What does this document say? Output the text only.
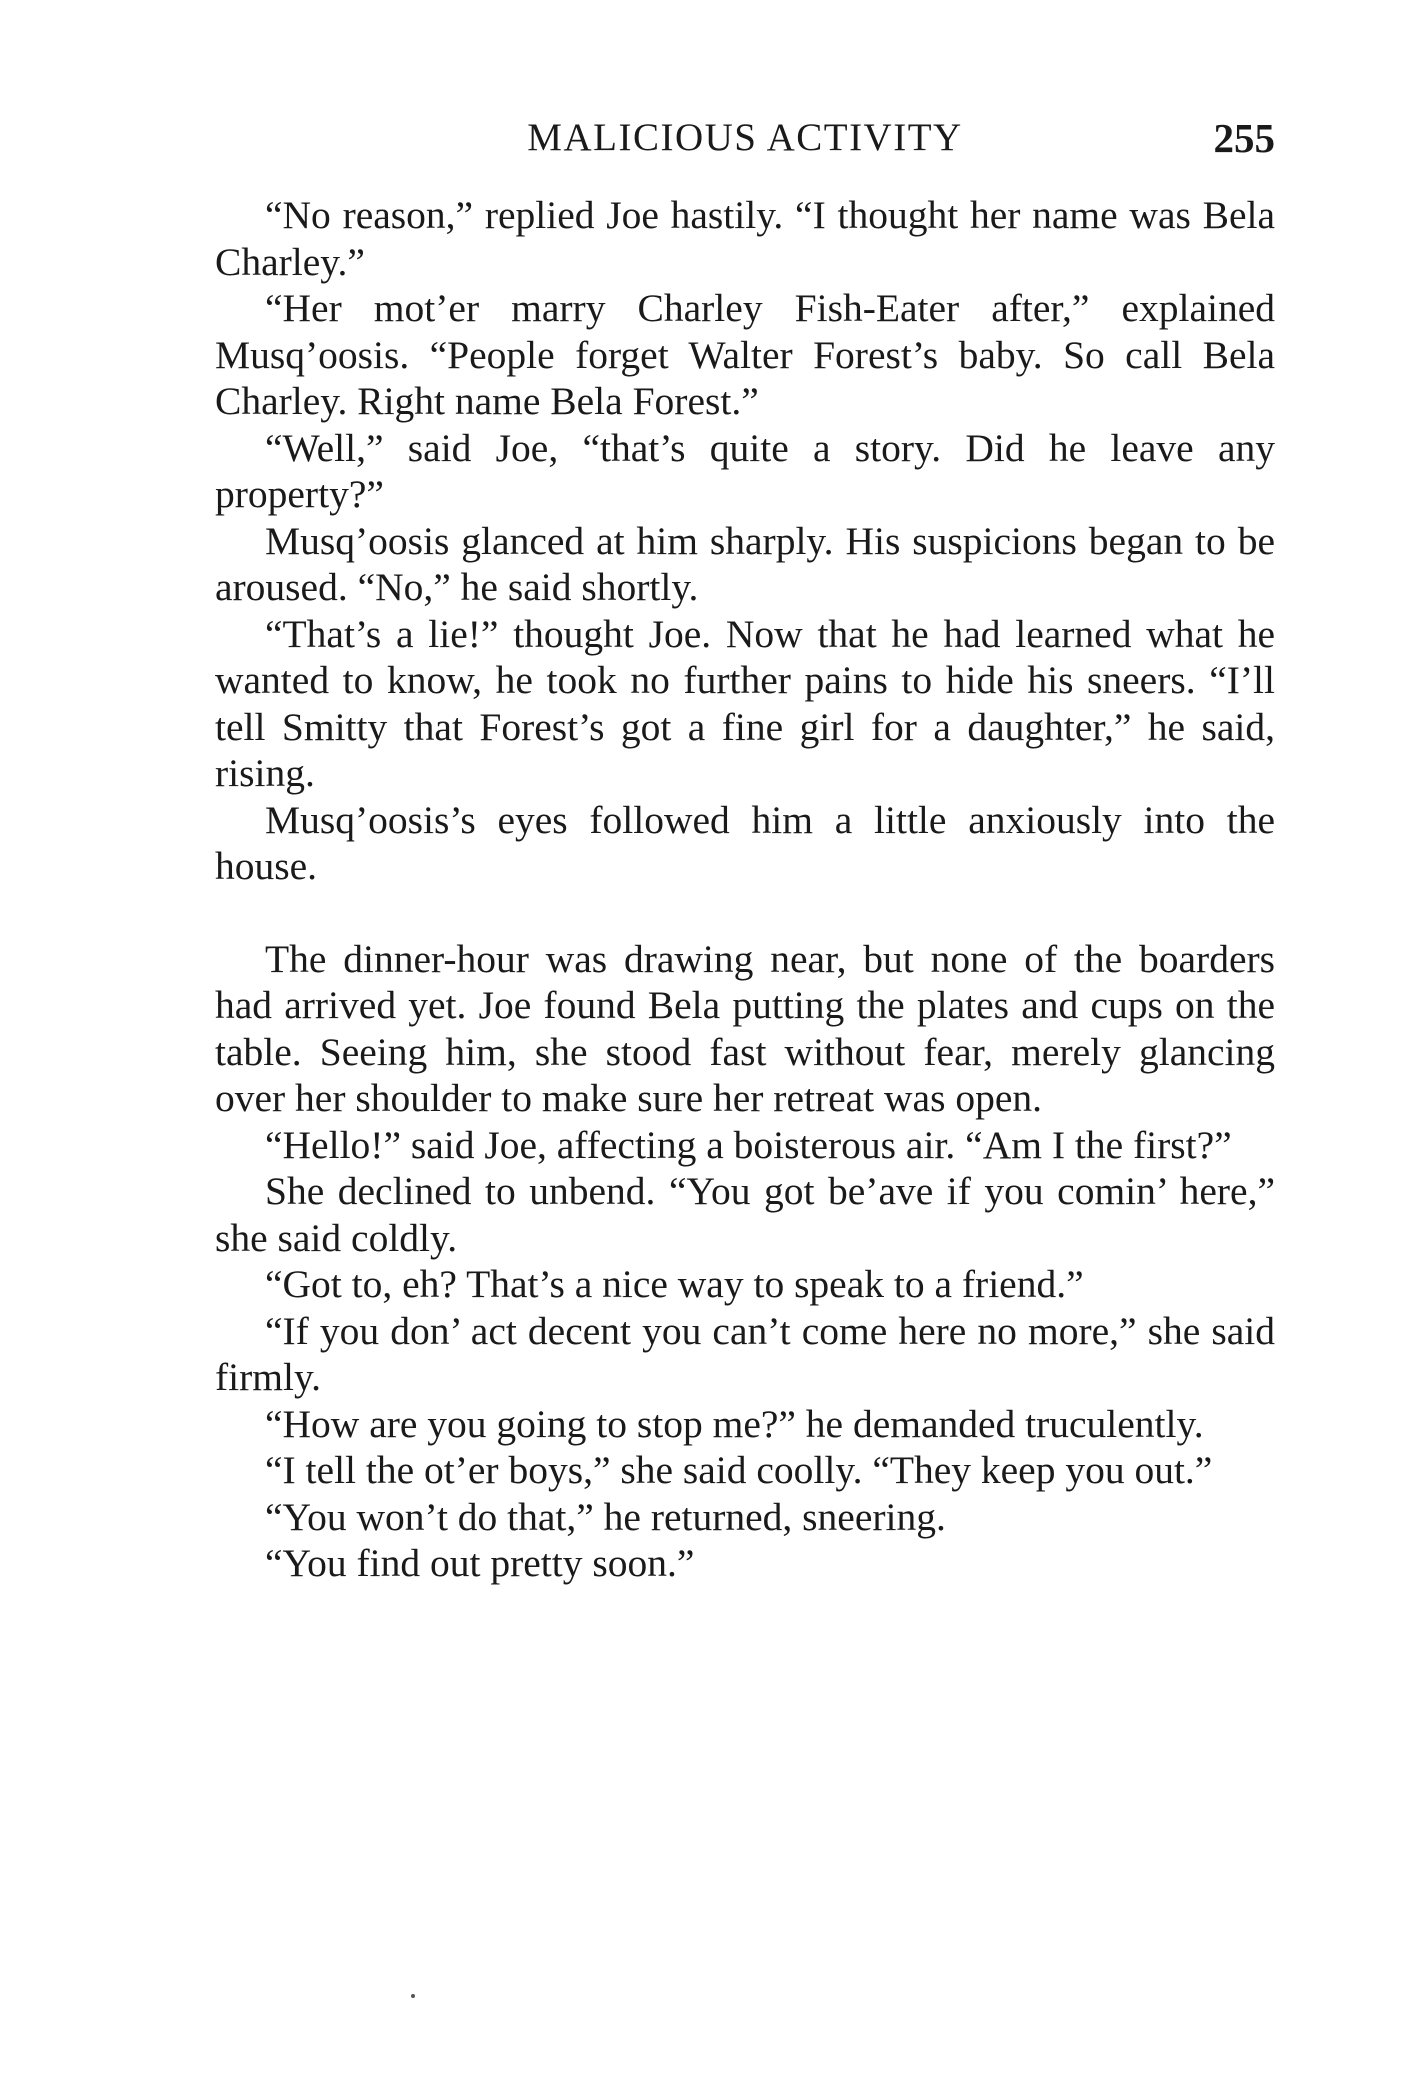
MALICIOUS ACTIVITY	255

“No reason,” replied Joe hastily. “I thought her name was Bela Charley.”

“Her mot’er marry Charley Fish-Eater after,” explained Musq’oosis. “People forget Walter Forest’s baby. So call Bela Charley. Right name Bela Forest.”

“Well,” said Joe, “that’s quite a story. Did he leave any property?”

Musq’oosis glanced at him sharply. His suspicions began to be aroused. “No,” he said shortly.

“That’s a lie!” thought Joe. Now that he had learned what he wanted to know, he took no further pains to hide his sneers. “I’ll tell Smitty that Forest’s got a fine girl for a daughter,” he said, rising.

Musq’oosis’s eyes followed him a little anxiously into the house.

The dinner-hour was drawing near, but none of the boarders had arrived yet. Joe found Bela putting the plates and cups on the table. Seeing him, she stood fast without fear, merely glancing over her shoulder to make sure her retreat was open.

“Hello!” said Joe, affecting a boisterous air. “Am I the first?”

She declined to unbend. “You got be’ave if you comin’ here,” she said coldly.

“Got to, eh? That’s a nice way to speak to a friend.”

“If you don’ act decent you can’t come here no more,” she said firmly.

“How are you going to stop me?” he demanded truculently.

“I tell the ot’er boys,” she said coolly. “They keep you out.”

“You won’t do that,” he returned, sneering.

“You find out pretty soon.”
